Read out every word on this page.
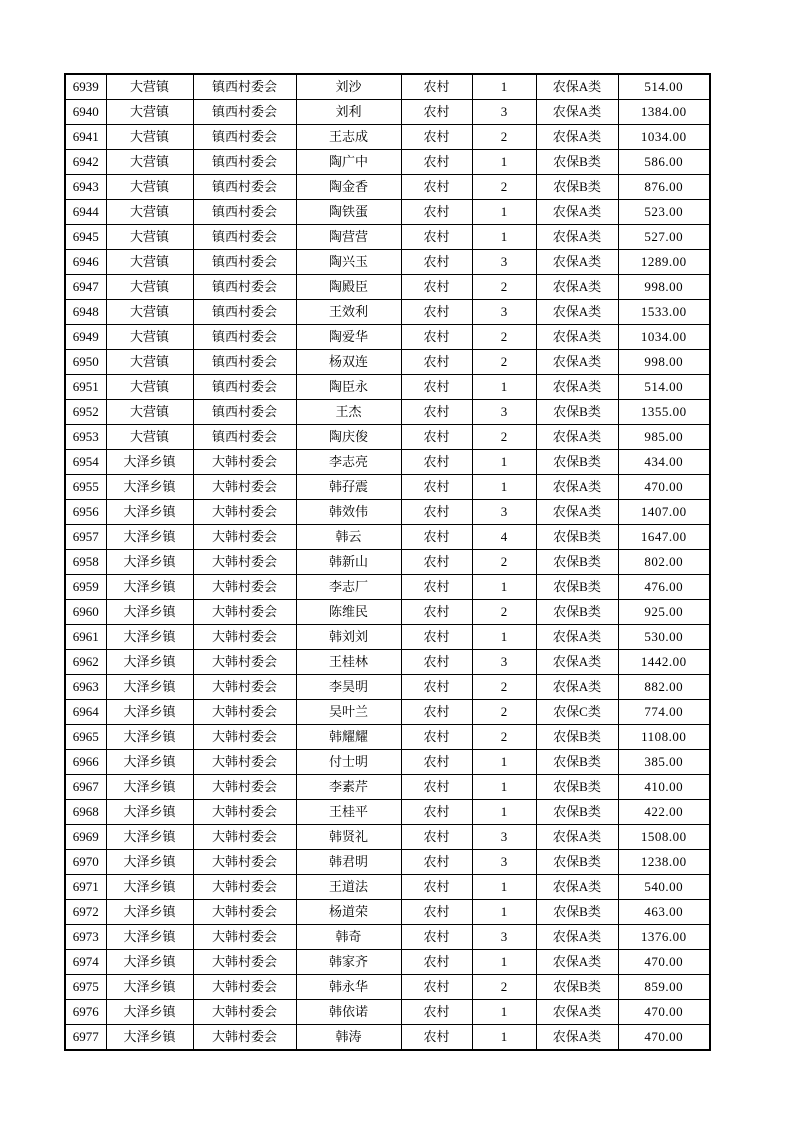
6939	大营镇	镇西村委会	刘沙	农村	1	农保A类	514.00
6940	大营镇	镇西村委会	刘利	农村	3	农保A类	1384.00
6941	大营镇	镇西村委会	王志成	农村	2	农保A类	1034.00
6942	大营镇	镇西村委会	陶广中	农村	1	农保B类	586.00
6943	大营镇	镇西村委会	陶金香	农村	2	农保B类	876.00
6944	大营镇	镇西村委会	陶铁蛋	农村	1	农保A类	523.00
6945	大营镇	镇西村委会	陶营营	农村	1	农保A类	527.00
6946	大营镇	镇西村委会	陶兴玉	农村	3	农保A类	1289.00
6947	大营镇	镇西村委会	陶殿臣	农村	2	农保A类	998.00
6948	大营镇	镇西村委会	王效利	农村	3	农保A类	1533.00
6949	大营镇	镇西村委会	陶爱华	农村	2	农保A类	1034.00
6950	大营镇	镇西村委会	杨双连	农村	2	农保A类	998.00
6951	大营镇	镇西村委会	陶臣永	农村	1	农保A类	514.00
6952	大营镇	镇西村委会	王杰	农村	3	农保B类	1355.00
6953	大营镇	镇西村委会	陶庆俊	农村	2	农保A类	985.00
6954	大泽乡镇	大韩村委会	李志亮	农村	1	农保B类	434.00
6955	大泽乡镇	大韩村委会	韩孖震	农村	1	农保A类	470.00
6956	大泽乡镇	大韩村委会	韩效伟	农村	3	农保A类	1407.00
6957	大泽乡镇	大韩村委会	韩云	农村	4	农保B类	1647.00
6958	大泽乡镇	大韩村委会	韩新山	农村	2	农保B类	802.00
6959	大泽乡镇	大韩村委会	李志厂	农村	1	农保B类	476.00
6960	大泽乡镇	大韩村委会	陈维民	农村	2	农保B类	925.00
6961	大泽乡镇	大韩村委会	韩刘刘	农村	1	农保A类	530.00
6962	大泽乡镇	大韩村委会	王桂林	农村	3	农保A类	1442.00
6963	大泽乡镇	大韩村委会	李昊明	农村	2	农保A类	882.00
6964	大泽乡镇	大韩村委会	吴叶兰	农村	2	农保C类	774.00
6965	大泽乡镇	大韩村委会	韩耀耀	农村	2	农保B类	1108.00
6966	大泽乡镇	大韩村委会	付士明	农村	1	农保B类	385.00
6967	大泽乡镇	大韩村委会	李素芹	农村	1	农保B类	410.00
6968	大泽乡镇	大韩村委会	王桂平	农村	1	农保B类	422.00
6969	大泽乡镇	大韩村委会	韩贤礼	农村	3	农保A类	1508.00
6970	大泽乡镇	大韩村委会	韩君明	农村	3	农保B类	1238.00
6971	大泽乡镇	大韩村委会	王道法	农村	1	农保A类	540.00
6972	大泽乡镇	大韩村委会	杨道荣	农村	1	农保B类	463.00
6973	大泽乡镇	大韩村委会	韩奇	农村	3	农保A类	1376.00
6974	大泽乡镇	大韩村委会	韩家齐	农村	1	农保A类	470.00
6975	大泽乡镇	大韩村委会	韩永华	农村	2	农保B类	859.00
6976	大泽乡镇	大韩村委会	韩依诺	农村	1	农保A类	470.00
6977	大泽乡镇	大韩村委会	韩涛	农村	1	农保A类	470.00
